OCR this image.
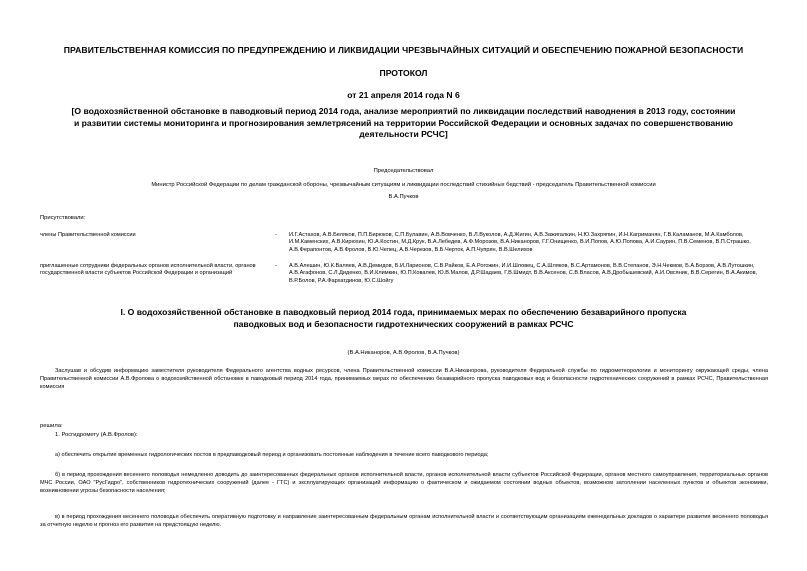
ПРАВИТЕЛЬСТВЕННАЯ КОМИССИЯ ПО ПРЕДУПРЕЖДЕНИЮ И ЛИКВИДАЦИИ ЧРЕЗВЫЧАЙНЫХ СИТУАЦИЙ И ОБЕСПЕЧЕНИЮ ПОЖАРНОЙ БЕЗОПАСНОСТИ
ПРОТОКОЛ
от 21 апреля 2014 года N 6
[О водохозяйственной обстановке в паводковый период 2014 года, анализе мероприятий по ликвидации последствий наводнения в 2013 году, состоянии и развитии системы мониторинга и прогнозирования землетрясений на территории Российской Федерации и основных задачах по совершенствованию деятельности РСЧС]
Председательствовал
Министр Российской Федерации по делам гражданской обороны, чрезвычайным ситуациям и ликвидации последствий стихийных бедствий - председатель Правительственной комиссии
В.А.Пучков
Присутствовали:
члены Правительственной комиссии	- И.Г.Астахов, А.В.Беляков, П.П.Бирюков, С.П.Булавин, А.В.Вовченко, В.Л.Вуколов, А.Д.Жигин, А.В.Зажигалкин, Н.Ю.Захряпин, И.Н.Кагриманян, Г.В.Каламанов, М.А.Камболов, И.М.Каменских, А.В.Кирюхин, Ю.А.Костин, М.Д.Крук, В.А.Лебедев, А.Ф.Морозов, В.А.Никаноров, Г.Г.Онищенко, В.И.Попов, А.Ю.Попова, А.И.Саурин, П.В.Семенов, В.П.Страшко, А.В.Ферапонтов, А.В.Фролов, В.Ю.Чепец, А.В.Черезов, В.Б.Черток, А.П.Чупрян, В.В.Шелихов
приглашенные сотрудники федеральных органов исполнительной власти, органов государственной власти субъектов Российской Федерации и организаций
- А.В.Алешин, Ю.К.Валяев, А.В.Демидов, Б.И.Ларионов, С.В.Райков, Е.А.Рогожин, И.И.Шловец, С.А.Шляков, В.С.Артамонов, В.В.Степанов, Э.Н.Чекмов, Б.А.Борзов, А.В.Лутошкин, А.В.Агафонов, С.Л.Диденко, В.И.Климкин, Ю.П.Ковалев, Ю.В.Малов, Д.Р.Шадаев, Г.В.Шмидт, В.В.Аксенов, С.В.Власов, А.В.Дробышевский, А.И.Овсяник, В.В.Серегин, В.А.Акимов, В.Р.Болов, Р.А.Фархатдинов, Ю.С.Шойгу
I. О водохозяйственной обстановке в паводковый период 2014 года, принимаемых мерах по обеспечению безаварийного пропуска паводковых вод и безопасности гидротехнических сооружений в рамках РСЧС
(В.А.Никаноров, А.В.Фролов, В.А.Пучков)
Заслушав и обсудив информацию заместителя руководителя Федерального агентства водных ресурсов, члена Правительственной комиссии В.А.Никанорова, руководителя Федеральной службы по гидрометеорологии и мониторингу окружающей среды, члена Правительственной комиссии А.В.Фролова о водохозяйственной обстановке в паводковый период 2014 года, принимаемых мерах по обеспечению безаварийного пропуска паводковых вод и безопасности гидротехнических сооружений в рамках РСЧС, Правительственная комиссия
решила:
1. Росгидромету (А.В.Фролов):
а) обеспечить открытие временных гидрологических постов в предпаводковый период и организовать постоянные наблюдения в течение всего паводкового периода;
б) в период прохождения весеннего половодья немедленно доводить до заинтересованных федеральных органов исполнительной власти, органов исполнительной власти субъектов Российской Федерации, органов местного самоуправления, территориальных органов МЧС России, ОАО "РусГидро", собственников гидротехнических сооружений (далее - ГТС) и эксплуатирующих организаций информацию о фактическом и ожидаемом состоянии водных объектов, возможном затоплении населенных пунктов и объектов экономики, возникновении угрозы безопасности населения;
в) в период прохождения весеннего половодья обеспечить оперативную подготовку и направление заинтересованным федеральным органам исполнительной власти и соответствующим организациям еженедельных докладов о характере развития весеннего половодья за отчетную неделю и прогноз его развития на предстоящую неделю.
